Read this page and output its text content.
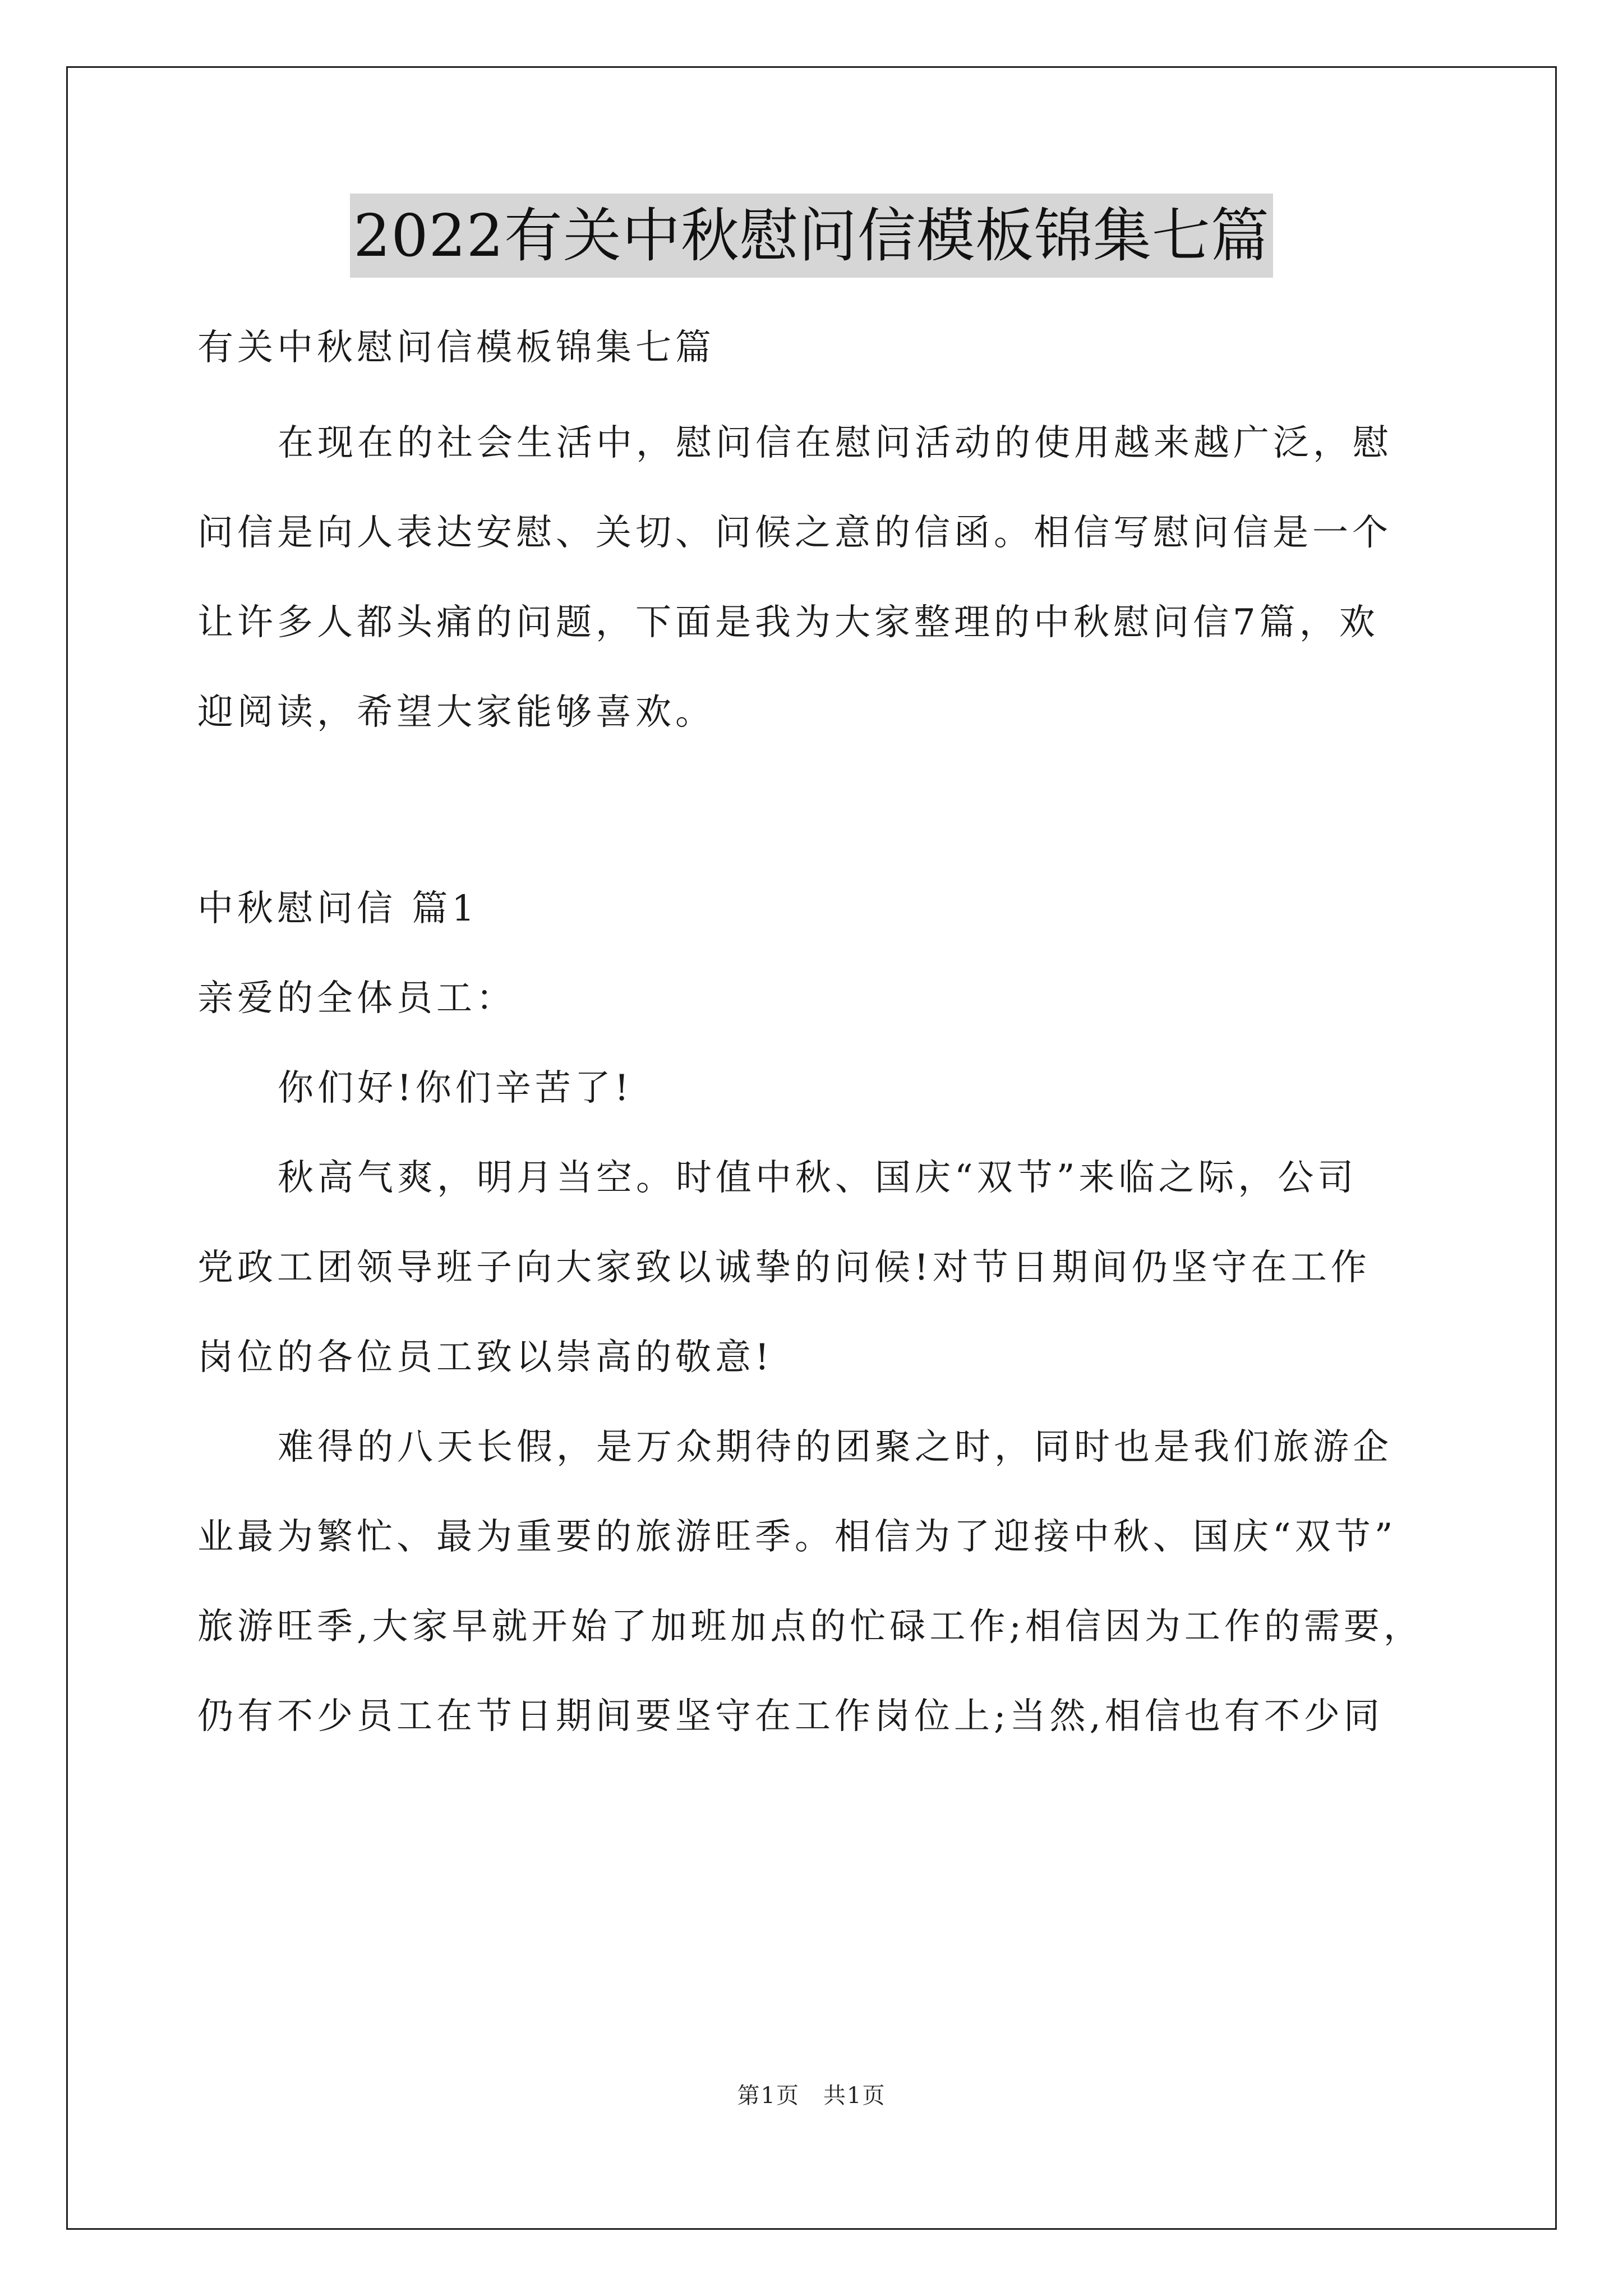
2022有关中秋慰问信模板锦集七篇
有关中秋慰问信模板锦集七篇
在现在的社会生活中，慰问信在慰问活动的使用越来越广泛，慰
问信是向人表达安慰、关切、问候之意的信函。相信写慰问信是一个
让许多人都头痛的问题，下面是我为大家整理的中秋慰问信7篇，欢
迎阅读，希望大家能够喜欢。
中秋慰问信 篇1
亲爱的全体员工：
你们好!你们辛苦了!
秋高气爽，明月当空。时值中秋、国庆“双节”来临之际，公司
党政工团领导班子向大家致以诚挚的问候!对节日期间仍坚守在工作
岗位的各位员工致以崇高的敬意!
难得的八天长假，是万众期待的团聚之时，同时也是我们旅游企
业最为繁忙、最为重要的旅游旺季。相信为了迎接中秋、国庆“双节”
旅游旺季,大家早就开始了加班加点的忙碌工作;相信因为工作的需要，
仍有不少员工在节日期间要坚守在工作岗位上;当然,相信也有不少同
第1页　共1页
